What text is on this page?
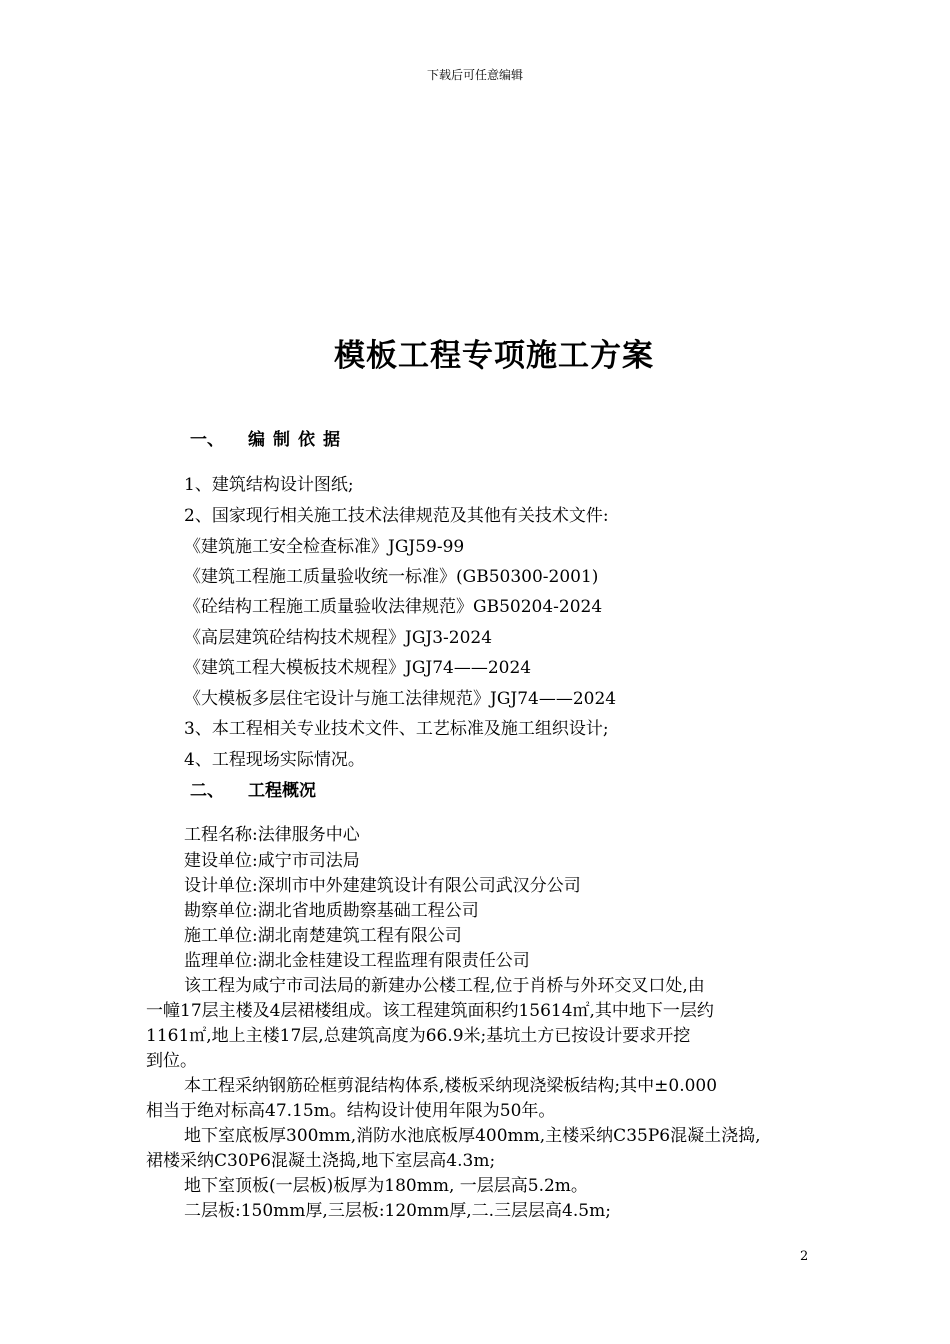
下载后可任意编辑
模板工程专项施工方案
一、 编制依据
1、建筑结构设计图纸;
2、国家现行相关施工技术法律规范及其他有关技术文件:
《建筑施工安全检查标准》JGJ59-99
《建筑工程施工质量验收统一标准》(GB50300-2001)
《砼结构工程施工质量验收法律规范》GB50204-2024
《高层建筑砼结构技术规程》JGJ3-2024
《建筑工程大模板技术规程》JGJ74——2024
《大模板多层住宅设计与施工法律规范》JGJ74——2024
3、本工程相关专业技术文件、工艺标准及施工组织设计;
4、工程现场实际情况。
二、 工程概况
工程名称:法律服务中心
建设单位:咸宁市司法局
设计单位:深圳市中外建建筑设计有限公司武汉分公司
勘察单位:湖北省地质勘察基础工程公司
施工单位:湖北南楚建筑工程有限公司
监理单位:湖北金桂建设工程监理有限责任公司
该工程为咸宁市司法局的新建办公楼工程,位于肖桥与外环交叉口处,由
一幢17层主楼及4层裙楼组成。该工程建筑面积约15614㎡,其中地下一层约
1161㎡,地上主楼17层,总建筑高度为66.9米;基坑土方已按设计要求开挖
到位。
本工程采纳钢筋砼框剪混结构体系,楼板采纳现浇梁板结构;其中±0.000
相当于绝对标高47.15m。结构设计使用年限为50年。
地下室底板厚300mm,消防水池底板厚400mm,主楼采纳C35P6混凝土浇捣,
裙楼采纳C30P6混凝土浇捣,地下室层高4.3m;
地下室顶板(一层板)板厚为180mm, 一层层高5.2m。
二层板:150mm厚,三层板:120mm厚,二.三层层高4.5m;
2
